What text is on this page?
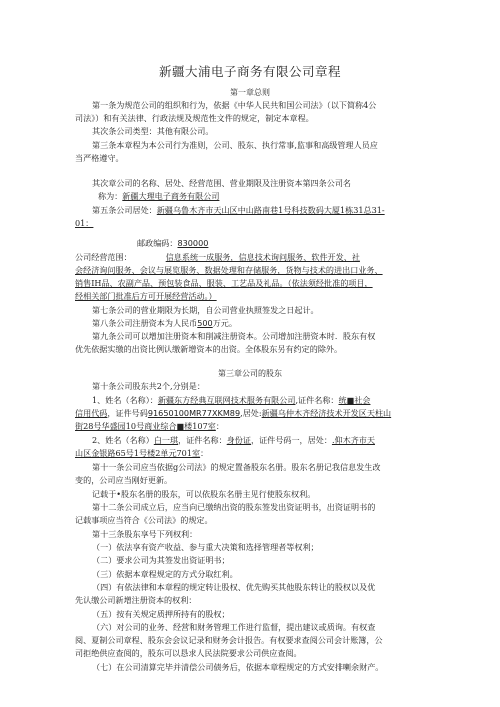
新疆大浦电子商务有限公司章程
第一章总则
第一条为规范公司的组织和行为，依据《中华人民共和国公司法》（以下简称4公
司法》）和有关法律、行政法规及规范性文件的规定，制定本章程。
其次条公司类型：其他有限公司。
第三条本章程为本公司行为准则，公司、股东、执行常事,监事和高级管理人员应
当严格遵守。
其次章公司的名称、居处、经营范围、营业期限及注册资本第四条公司名
称为：新疆大理电子商务有限公司
第五条公司居处：新疆乌鲁木齐市天山区中山路南巷1号科技数码大厦1栋31总31-
01：
邮政编码：830000
公司经营范围：	信息系统一成服务，信息技术询问服务、软件开发、社
会经济询问服务、会议与展览服务、数据处理和存储服务，货物与技术的进出口业务、
销售IH品、农副产品、预包装食品、服装、工艺品及礼品。（依法须经批准的项目，
经相关部门批准后方可开展经营活动。）
第七条公司的营业期限为长期，自公司营业执照签发之日起计。
第八条公司注册资本为人民币500万元。
第九条公司可以增加注册资本和削减注册资本。公司增加注册资本时．股东有权
优先依据实缴的出资比例认缴新增资本的出资。全体股东另有约定的除外。
第三章公司的股东
第十条公司股东共2个,分别是：
1、姓名（名称）：新疆东方经典互联网技术服务有限公司,证件名称：统■社会
信用代码，证件号码91650100MR77XKM89,居处:新疆乌仲木齐经济技术开发区天柱山
街28号华盛园10号商业综合■楼107室：
2、姓名（名称）白一琪，证件名称：身份证，证件号码一，居处：.仰木齐市天
山区金银路65号1号楼2单元701室：
第十一条公司应当依据g公司法》的规定置备股东名册。股东名册记我信息发生改
变的，公司应当刚好更新。
记载于•股东名册的股东，可以依股东名册主见行使股东权利。
第十二条公司成立后，应当向已缴纳出资的股东签发出资证明书，出资证明书的
记载事项应当符合《公司法》的规定。
第十三条股东享号下列权利：
（一）依法享有资产收益、参与重大决策和选择管理者等权利；
（二）要求公司为其签发出资证明书；
（三）依据本章程规定的方式分取红利。
（四）有依法律和本章程的规定转让股权、优先购买其他股东转让的股权以及优
先认缴公司新增注册资本的权利：
（五）按有关规定质押所持有的股权；
（六）对公司的业务、经营和财务管理工作进行监督，提出建议或质询。有权查
阅、夏制公司章程、股东会会议记录和财务会计报告。有权要求查阅公司会计账簿，公
司拒绝供应查阅的，股东可以恳求人民法院要求公司供应查阅。
（七）在公司清算完毕并清偿公司债务后，依据本章程规定的方式安排喇余财产。
